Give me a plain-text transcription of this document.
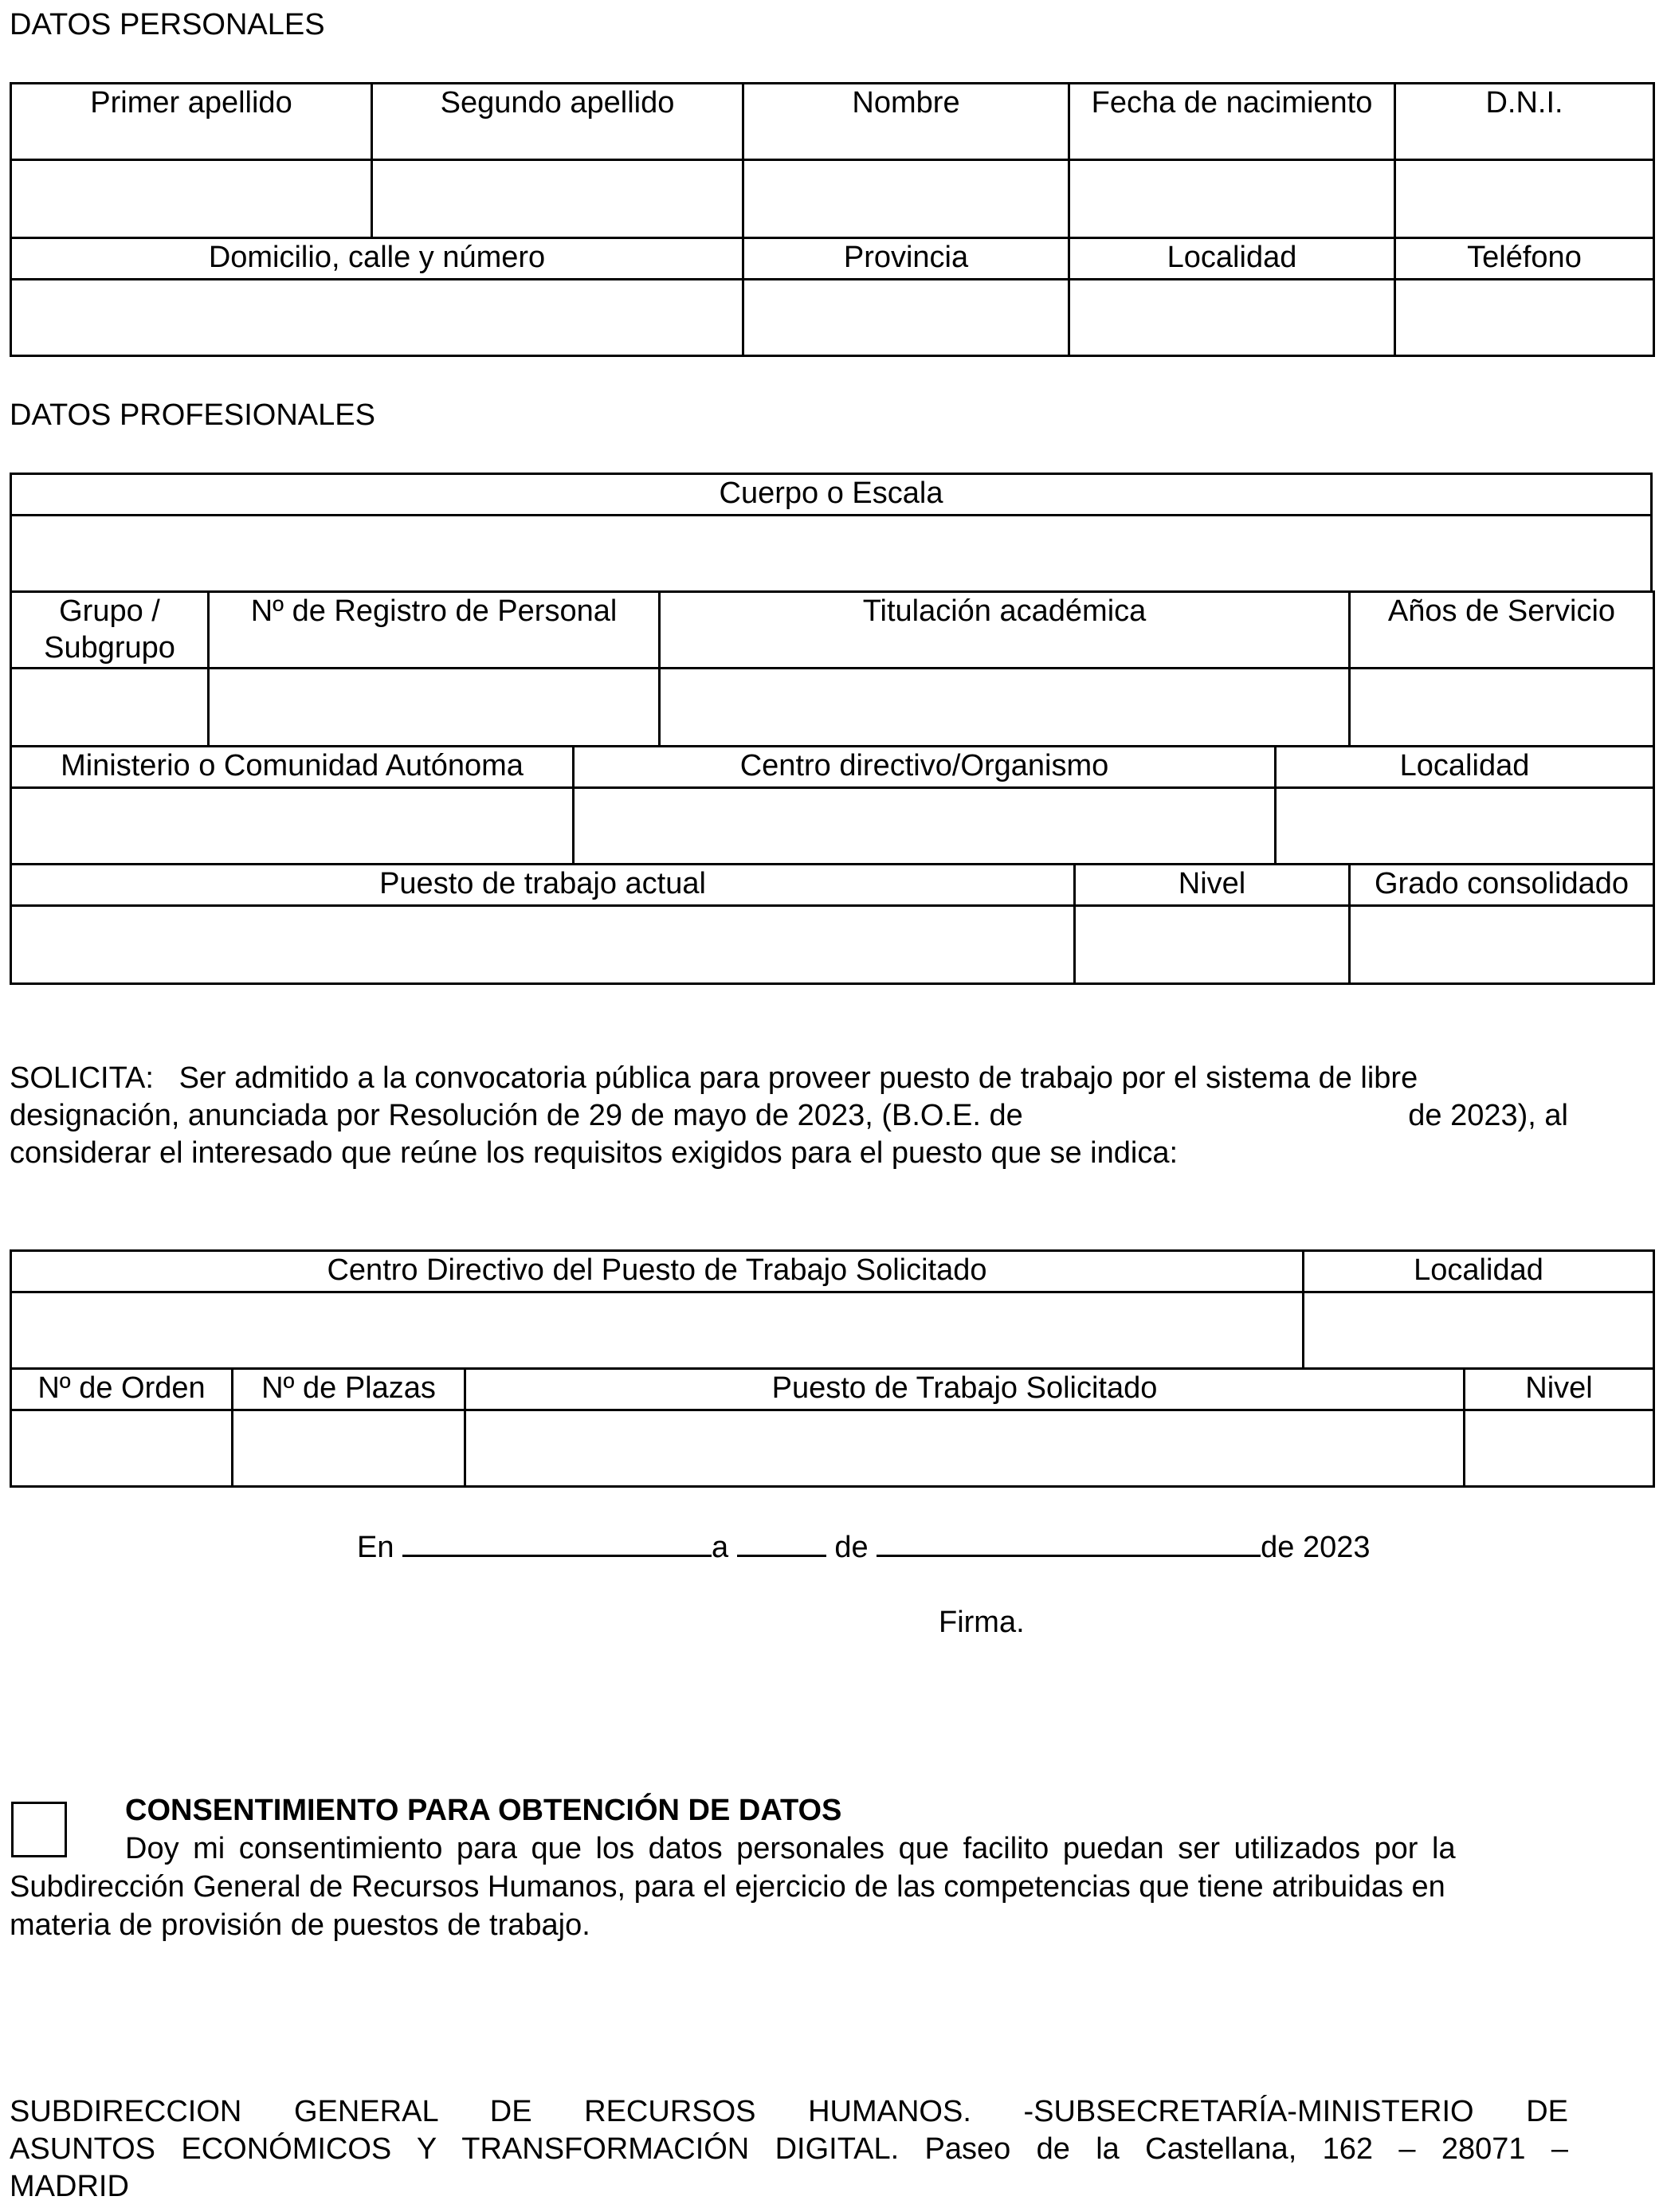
DATOS PERSONALES
Primer apellido	Segundo apellido	Nombre	Fecha de nacimiento	D.N.I.

Domicilio, calle y número		Provincia	Localidad	Teléfono

DATOS PROFESIONALES
Cuerpo o Escala

Grupo / Subgrupo	Nº de Registro de Personal	Titulación académica	Años de Servicio

Ministerio o Comunidad Autónoma	Centro directivo/Organismo	Localidad

Puesto de trabajo actual	Nivel	Grado consolidado

SOLICITA:   Ser admitido a la convocatoria pública para proveer puesto de trabajo por el sistema de libre
designación, anunciada por Resolución de 29 de mayo de 2023, (B.O.E. de	de 2023), al
considerar el interesado que reúne los requisitos exigidos para el puesto que se indica:
Centro Directivo del Puesto de Trabajo Solicitado	Localidad

Nº de Orden	Nº de Plazas	Puesto de Trabajo Solicitado	Nivel

En	a	de	de 2023
Firma.
CONSENTIMIENTO PARA OBTENCIÓN DE DATOS
Doy mi consentimiento para que los datos personales que facilito puedan ser utilizados por la
Subdirección General de Recursos Humanos, para el ejercicio de las competencias que tiene atribuidas en
materia de provisión de puestos de trabajo.
SUBDIRECCION GENERAL DE RECURSOS HUMANOS. -SUBSECRETARÍA-MINISTERIO DE
ASUNTOS ECONÓMICOS Y TRANSFORMACIÓN DIGITAL. Paseo de la Castellana, 162 – 28071 –
MADRID
